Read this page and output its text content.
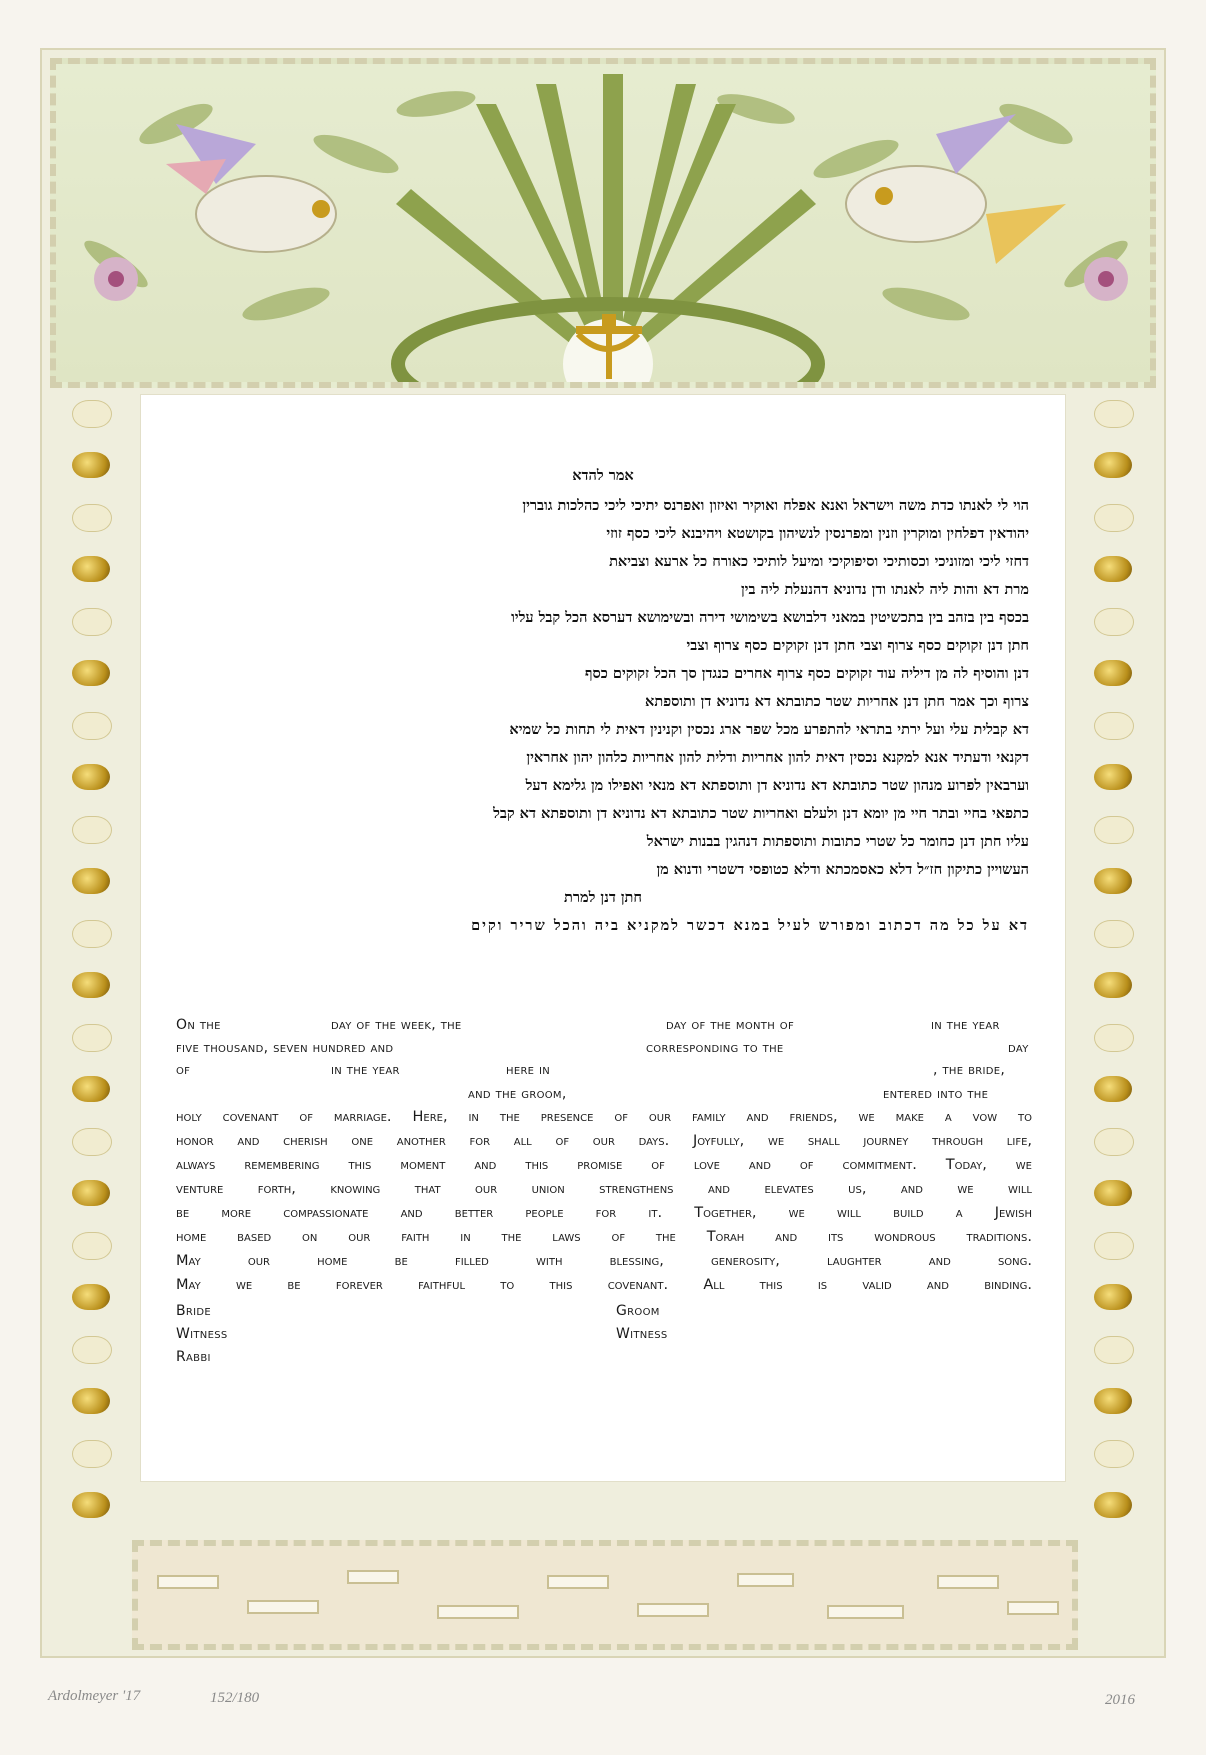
אמר להדא
הוי לי לאנתו כדת משה וישראל ואנא אפלח ואוקיר ואיזון ואפרנס יתיכי ליכי כהלכות גוברין
יהודאין דפלחין ומוקרין וזנין ומפרנסין לנשיהון בקושטא ויהיבנא ליכי כסף זוזי
דחזי ליכי ומזוניכי וכסותיכי וסיפוקיכי ומיעל לותיכי כאורח כל ארעא וצביאת
מרת דא והות ליה לאנתו ודן נדוניא דהנעלת ליה בין
בכסף בין בזהב בין בתכשיטין במאני דלבושא בשימושי דירה ובשימושא דערסא הכל קבל עליו
חתן דנן זקוקים כסף צרוף וצבי חתן דנן זקוקים כסף צרוף וצבי
דנן והוסיף לה מן דיליה עוד זקוקים כסף צרוף אחרים כנגדן סך הכל זקוקים כסף
צרוף וכך אמר חתן דנן אחריות שטר כתובתא דא נדוניא דן ותוספתא
דא קבלית עלי ועל ירתי בתראי להתפרע מכל שפר ארג נכסין וקנינין דאית לי תחות כל שמיא
דקנאי ודעתיד אנא למקנא נכסין דאית להון אחריות ודלית להון אחריות כלהון יהון אחראין
וערבאין לפרוע מנהון שטר כתובתא דא נדוניא דן ותוספתא דא מנאי ואפילו מן גלימא דעל
כתפאי בחיי ובתר חיי מן יומא דנן ולעלם ואחריות שטר כתובתא דא נדוניא דן ותוספתא דא קבל
עליו חתן דנן כחומר כל שטרי כתובות ותוספתות דנהגין בבנות ישראל
העשויין כתיקון חז״ל דלא כאסמכתא ודלא כטופסי דשטרי ודנוא מן
חתן דנן למרת
דא על כל מה דכתוב ומפורש לעיל במנא דכשר למקניא ביה והכל שריר וקים
On the	day of the week, the	day of the month of	in the year
five thousand, seven hundred and	corresponding to the	day
of	in the year	here in	, the bride,
and the groom,	entered into the
holy covenant of marriage. Here, in the presence of our family and friends, we make a vow to
honor and cherish one another for all of our days. Joyfully, we shall journey through life,
always remembering this moment and this promise of love and of commitment. Today, we
venture forth, knowing that our union strengthens and elevates us, and we will
be more compassionate and better people for it. Together, we will build a Jewish
home based on our faith in the laws of the Torah and its wondrous traditions.
May our home be filled with blessing, generosity, laughter and song.
May we be forever faithful to this covenant. All this is valid and binding.
Bride	Groom
Witness	Witness
Rabbi
Ardolmeyer '17	152/180	2016
